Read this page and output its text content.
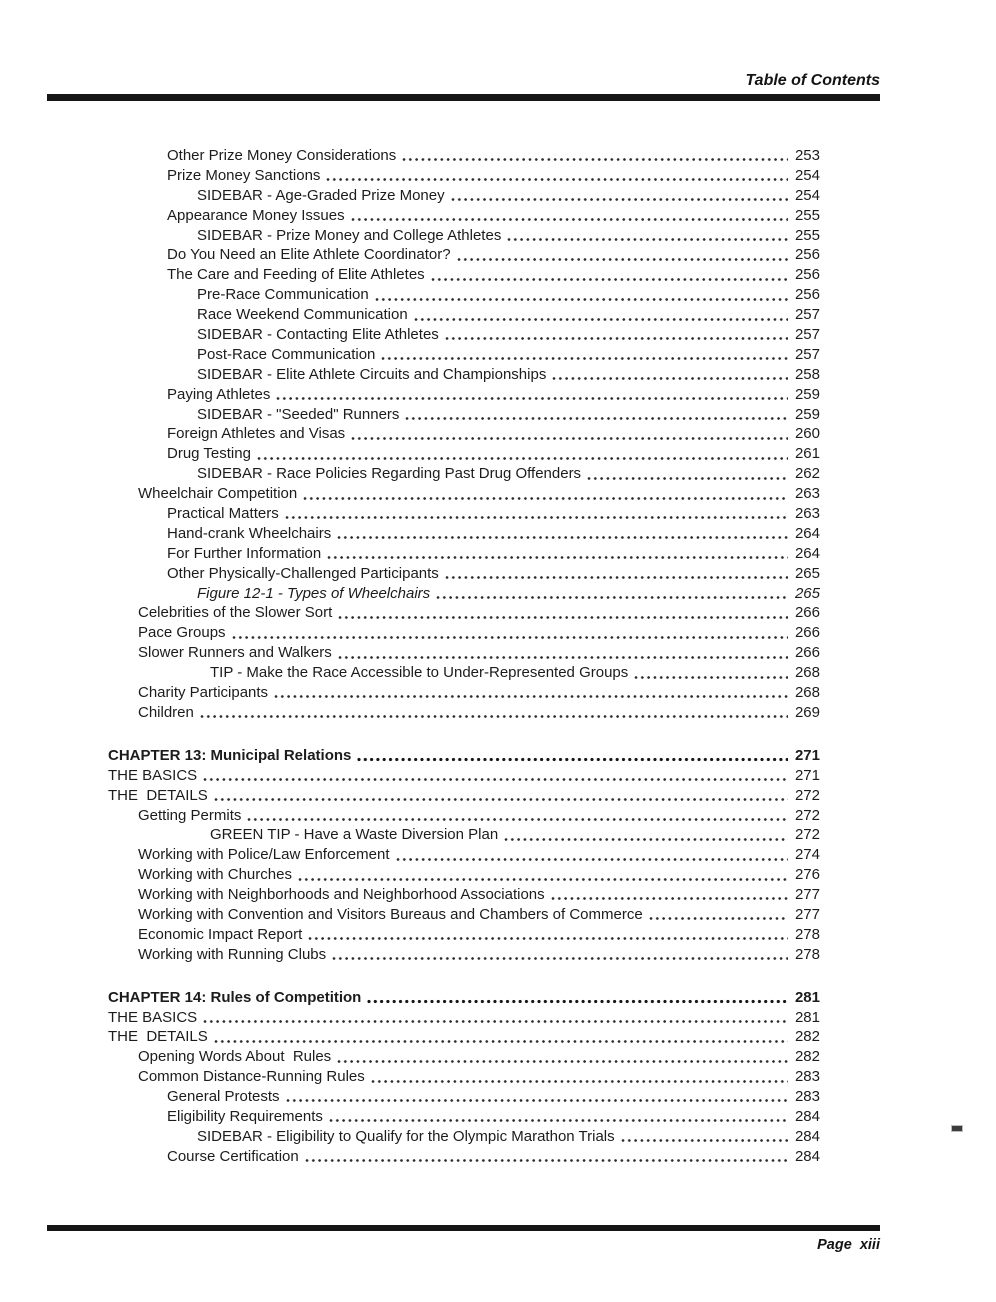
Table of Contents
Other Prize Money Considerations	253
Prize Money Sanctions	254
SIDEBAR - Age-Graded Prize Money	254
Appearance Money Issues	255
SIDEBAR - Prize Money and College Athletes	255
Do You Need an Elite Athlete Coordinator?	256
The Care and Feeding of Elite Athletes	256
Pre-Race Communication	256
Race Weekend Communication	257
SIDEBAR - Contacting Elite Athletes	257
Post-Race Communication	257
SIDEBAR - Elite Athlete Circuits and Championships	258
Paying Athletes	259
SIDEBAR - "Seeded" Runners	259
Foreign Athletes and Visas	260
Drug Testing	261
SIDEBAR - Race Policies Regarding Past Drug Offenders	262
Wheelchair Competition	263
Practical Matters	263
Hand-crank Wheelchairs	264
For Further Information	264
Other Physically-Challenged Participants	265
Figure 12-1 - Types of Wheelchairs	265
Celebrities of the Slower Sort	266
Pace Groups	266
Slower Runners and Walkers	266
TIP - Make the Race Accessible to Under-Represented Groups	268
Charity Participants	268
Children	269
CHAPTER 13: Municipal Relations	271
THE BASICS	271
THE  DETAILS	272
Getting Permits	272
GREEN TIP - Have a Waste Diversion Plan	272
Working with Police/Law Enforcement	274
Working with Churches	276
Working with Neighborhoods and Neighborhood Associations	277
Working with Convention and Visitors Bureaus and Chambers of Commerce	277
Economic Impact Report	278
Working with Running Clubs	278
CHAPTER 14: Rules of Competition	281
THE BASICS	281
THE  DETAILS	282
Opening Words About  Rules	282
Common Distance-Running Rules	283
General Protests	283
Eligibility Requirements	284
SIDEBAR - Eligibility to Qualify for the Olympic Marathon Trials	284
Course Certification	284
Page  xiii
